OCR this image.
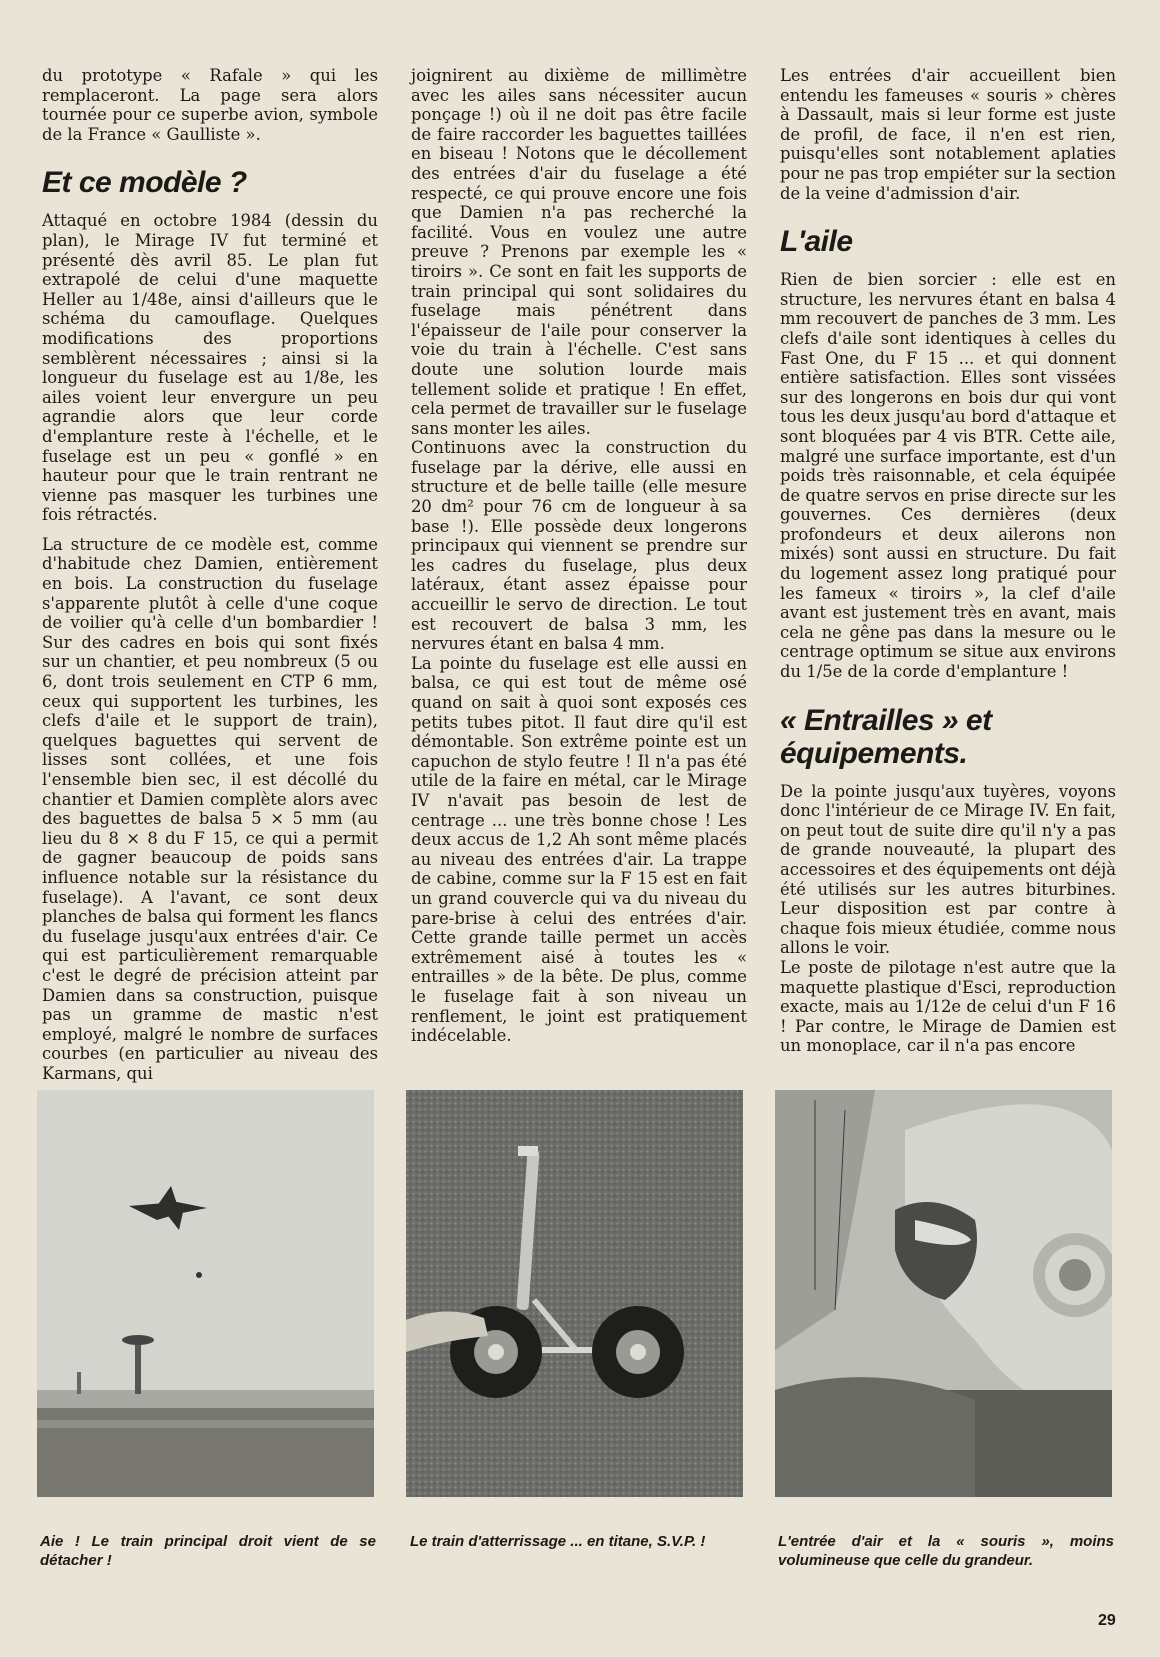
du prototype « Rafale » qui les remplaceront. La page sera alors tournée pour ce superbe avion, symbole de la France « Gaulliste ».

Et ce modèle ?

Attaqué en octobre 1984 (dessin du plan), le Mirage IV fut terminé et présenté dès avril 85. Le plan fut extrapolé de celui d'une maquette Heller au 1/48e, ainsi d'ailleurs que le schéma du camouflage. Quelques modifications des proportions semblèrent nécessaires ; ainsi si la longueur du fuselage est au 1/8e, les ailes voient leur envergure un peu agrandie alors que leur corde d'emplanture reste à l'échelle, et le fuselage est un peu « gonflé » en hauteur pour que le train rentrant ne vienne pas masquer les turbines une fois rétractés.

La structure de ce modèle est, comme d'habitude chez Damien, entièrement en bois. La construction du fuselage s'apparente plutôt à celle d'une coque de voilier qu'à celle d'un bombardier ! Sur des cadres en bois qui sont fixés sur un chantier, et peu nombreux (5 ou 6, dont trois seulement en CTP 6 mm, ceux qui supportent les turbines, les clefs d'aile et le support de train), quelques baguettes qui servent de lisses sont collées, et une fois l'ensemble bien sec, il est décollé du chantier et Damien complète alors avec des baguettes de balsa 5 × 5 mm (au lieu du 8 × 8 du F 15, ce qui a permit de gagner beaucoup de poids sans influence notable sur la résistance du fuselage). A l'avant, ce sont deux planches de balsa qui forment les flancs du fuselage jusqu'aux entrées d'air. Ce qui est particulièrement remarquable c'est le degré de précision atteint par Damien dans sa construction, puisque pas un gramme de mastic n'est employé, malgré le nombre de surfaces courbes (en particulier au niveau des Karmans, qui

joignirent au dixième de millimètre avec les ailes sans nécessiter aucun ponçage !) où il ne doit pas être facile de faire raccorder les baguettes taillées en biseau ! Notons que le décollement des entrées d'air du fuselage a été respecté, ce qui prouve encore une fois que Damien n'a pas recherché la facilité. Vous en voulez une autre preuve ? Prenons par exemple les « tiroirs ». Ce sont en fait les supports de train principal qui sont solidaires du fuselage mais pénétrent dans l'épaisseur de l'aile pour conserver la voie du train à l'échelle. C'est sans doute une solution lourde mais tellement solide et pratique ! En effet, cela permet de travailler sur le fuselage sans monter les ailes.

Continuons avec la construction du fuselage par la dérive, elle aussi en structure et de belle taille (elle mesure 20 dm² pour 76 cm de longueur à sa base !). Elle possède deux longerons principaux qui viennent se prendre sur les cadres du fuselage, plus deux latéraux, étant assez épaisse pour accueillir le servo de direction. Le tout est recouvert de balsa 3 mm, les nervures étant en balsa 4 mm.

La pointe du fuselage est elle aussi en balsa, ce qui est tout de même osé quand on sait à quoi sont exposés ces petits tubes pitot. Il faut dire qu'il est démontable. Son extrême pointe est un capuchon de stylo feutre ! Il n'a pas été utile de la faire en métal, car le Mirage IV n'avait pas besoin de lest de centrage ... une très bonne chose ! Les deux accus de 1,2 Ah sont même placés au niveau des entrées d'air. La trappe de cabine, comme sur la F 15 est en fait un grand couvercle qui va du niveau du pare-brise à celui des entrées d'air. Cette grande taille permet un accès extrêmement aisé à toutes les « entrailles » de la bête. De plus, comme le fuselage fait à son niveau un renflement, le joint est pratiquement indécelable.

Les entrées d'air accueillent bien entendu les fameuses « souris » chères à Dassault, mais si leur forme est juste de profil, de face, il n'en est rien, puisqu'elles sont notablement aplaties pour ne pas trop empiéter sur la section de la veine d'admission d'air.

L'aile

Rien de bien sorcier : elle est en structure, les nervures étant en balsa 4 mm recouvert de panches de 3 mm. Les clefs d'aile sont identiques à celles du Fast One, du F 15 ... et qui donnent entière satisfaction. Elles sont vissées sur des longerons en bois dur qui vont tous les deux jusqu'au bord d'attaque et sont bloquées par 4 vis BTR. Cette aile, malgré une surface importante, est d'un poids très raisonnable, et cela équipée de quatre servos en prise directe sur les gouvernes. Ces dernières (deux profondeurs et deux ailerons non mixés) sont aussi en structure. Du fait du logement assez long pratiqué pour les fameux « tiroirs », la clef d'aile avant est justement très en avant, mais cela ne gêne pas dans la mesure ou le centrage optimum se situe aux environs du 1/5e de la corde d'emplanture !

« Entrailles » et équipements.

De la pointe jusqu'aux tuyères, voyons donc l'intérieur de ce Mirage IV. En fait, on peut tout de suite dire qu'il n'y a pas de grande nouveauté, la plupart des accessoires et des équipements ont déjà été utilisés sur les autres biturbines. Leur disposition est par contre à chaque fois mieux étudiée, comme nous allons le voir.

Le poste de pilotage n'est autre que la maquette plastique d'Esci, reproduction exacte, mais au 1/12e de celui d'un F 16 ! Par contre, le Mirage de Damien est un monoplace, car il n'a pas encore

Aie ! Le train principal droit vient de se détacher !
Le train d'atterrissage ... en titane, S.V.P. !	L'entrée d'air et la « souris », moins volumineuse que celle du grandeur.
29
